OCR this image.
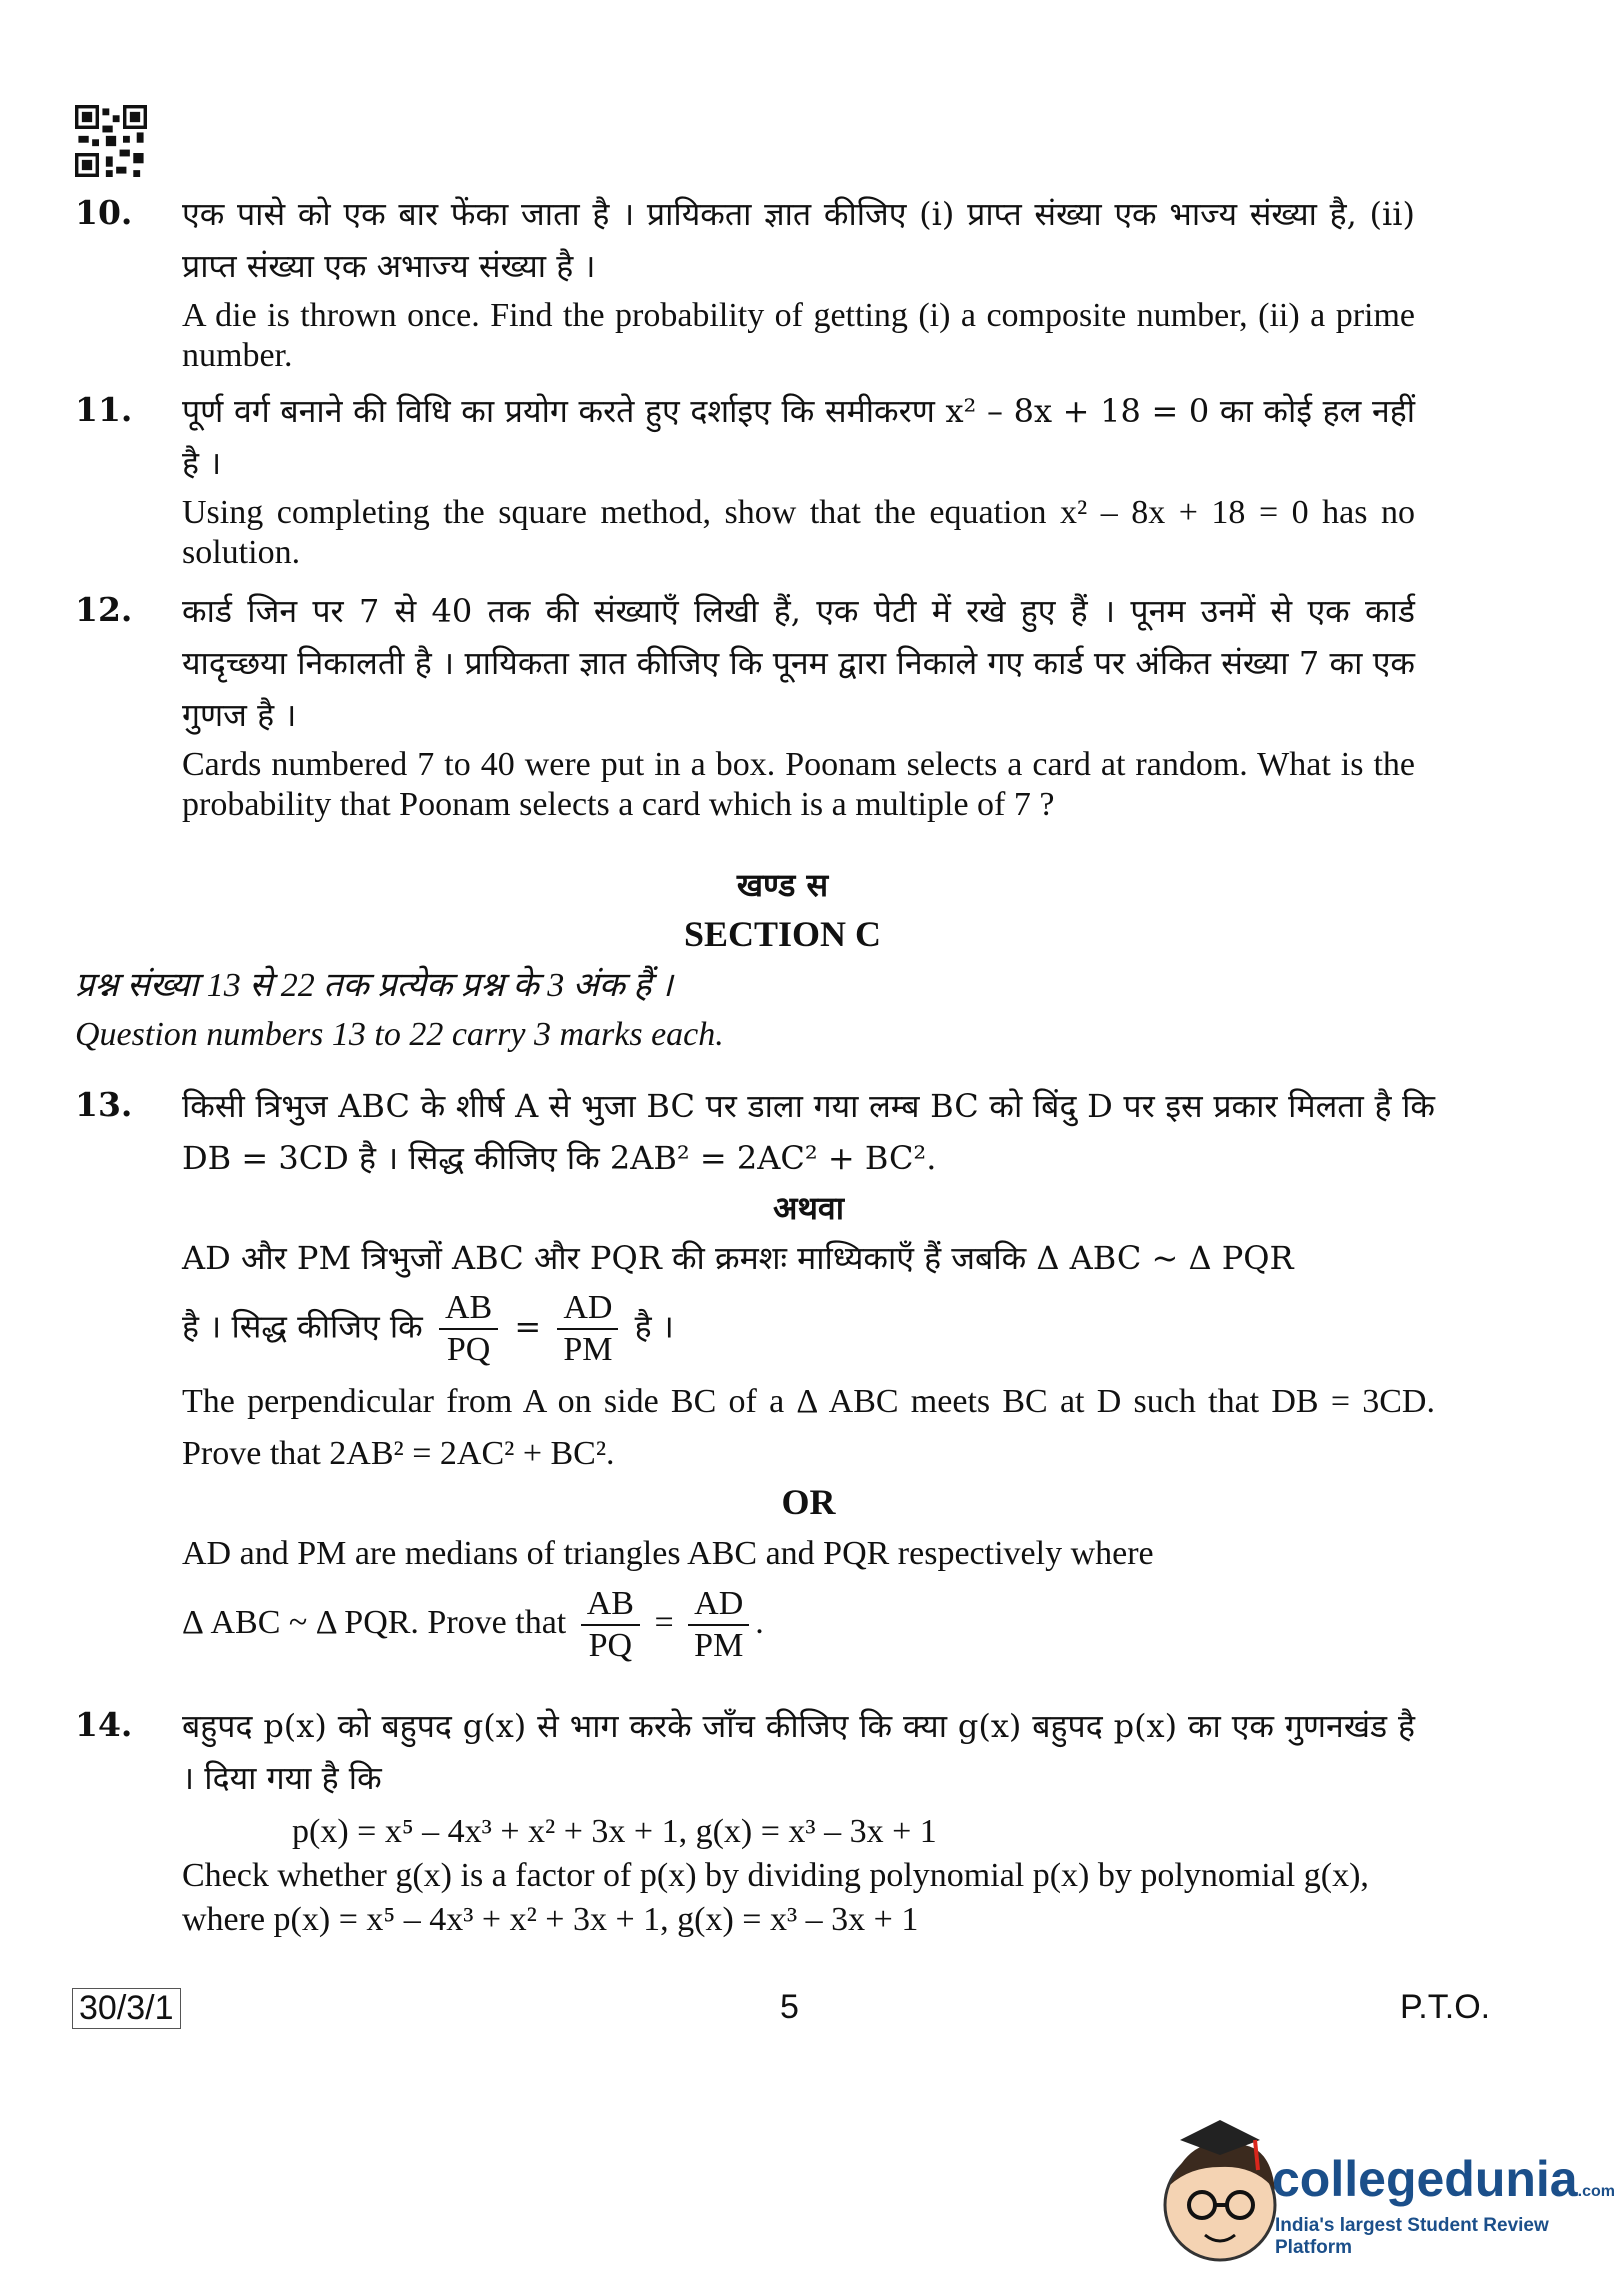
10. एक पासे को एक बार फेंका जाता है । प्रायिकता ज्ञात कीजिए (i) प्राप्त संख्या एक भाज्य संख्या है, (ii) प्राप्त संख्या एक अभाज्य संख्या है ।
A die is thrown once. Find the probability of getting (i) a composite number, (ii) a prime number.
11. पूर्ण वर्ग बनाने की विधि का प्रयोग करते हुए दर्शाइए कि समीकरण x² – 8x + 18 = 0 का कोई हल नहीं है ।
Using completing the square method, show that the equation x² – 8x + 18 = 0 has no solution.
12. कार्ड जिन पर 7 से 40 तक की संख्याएँ लिखी हैं, एक पेटी में रखे हुए हैं । पूनम उनमें से एक कार्ड यादृच्छया निकालती है । प्रायिकता ज्ञात कीजिए कि पूनम द्वारा निकाले गए कार्ड पर अंकित संख्या 7 का एक गुणज है ।
Cards numbered 7 to 40 were put in a box. Poonam selects a card at random. What is the probability that Poonam selects a card which is a multiple of 7 ?
खण्ड स
SECTION C
प्रश्न संख्या 13 से 22 तक प्रत्येक प्रश्न के 3 अंक हैं ।
Question numbers 13 to 22 carry 3 marks each.
13. किसी त्रिभुज ABC के शीर्ष A से भुजा BC पर डाला गया लम्ब BC को बिंदु D पर इस प्रकार मिलता है कि DB = 3CD है । सिद्ध कीजिए कि 2AB² = 2AC² + BC².
अथवा
AD और PM त्रिभुजों ABC और PQR की क्रमशः माध्यिकाएँ हैं जबकि Δ ABC ~ Δ PQR
है । सिद्ध कीजिए कि $\frac{AB}{PQ} = \frac{AD}{PM}$ है ।
The perpendicular from A on side BC of a Δ ABC meets BC at D such that DB = 3CD. Prove that 2AB² = 2AC² + BC².
OR
AD and PM are medians of triangles ABC and PQR respectively where
Δ ABC ~ Δ PQR. Prove that $\frac{AB}{PQ} = \frac{AD}{PM}$ .
14. बहुपद p(x) को बहुपद g(x) से भाग करके जाँच कीजिए कि क्या g(x) बहुपद p(x) का एक गुणनखंड है । दिया गया है कि
p(x) = x⁵ – 4x³ + x² + 3x + 1, g(x) = x³ – 3x + 1
Check whether g(x) is a factor of p(x) by dividing polynomial p(x) by polynomial g(x),
where p(x) = x⁵ – 4x³ + x² + 3x + 1, g(x) = x³ – 3x + 1
30/3/1	5	P.T.O.
collegedunia.com
India's largest Student Review Platform
